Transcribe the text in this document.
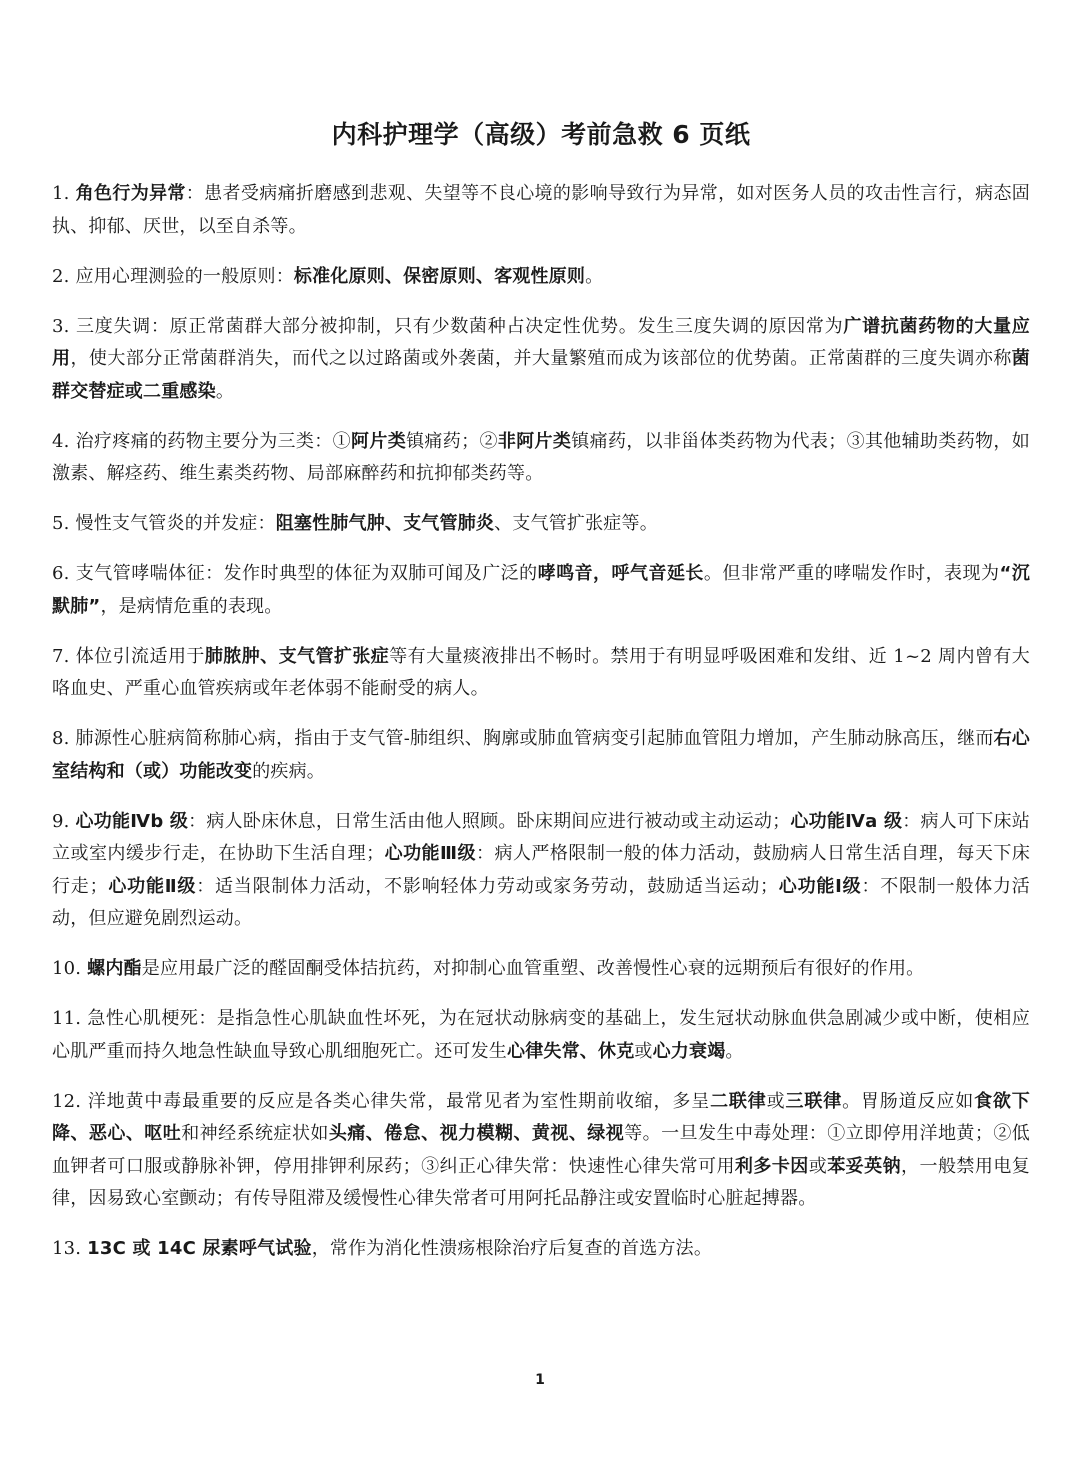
内科护理学（高级）考前急救 6 页纸

1. 角色行为异常：患者受病痛折磨感到悲观、失望等不良心境的影响导致行为异常，如对医务人员的攻击性言行，病态固执、抑郁、厌世，以至自杀等。

2. 应用心理测验的一般原则：标准化原则、保密原则、客观性原则。

3. 三度失调：原正常菌群大部分被抑制，只有少数菌种占决定性优势。发生三度失调的原因常为广谱抗菌药物的大量应用，使大部分正常菌群消失，而代之以过路菌或外袭菌，并大量繁殖而成为该部位的优势菌。正常菌群的三度失调亦称菌群交替症或二重感染。

4. 治疗疼痛的药物主要分为三类：①阿片类镇痛药；②非阿片类镇痛药，以非甾体类药物为代表；③其他辅助类药物，如激素、解痉药、维生素类药物、局部麻醉药和抗抑郁类药等。

5. 慢性支气管炎的并发症：阻塞性肺气肿、支气管肺炎、支气管扩张症等。

6. 支气管哮喘体征：发作时典型的体征为双肺可闻及广泛的哮鸣音，呼气音延长。但非常严重的哮喘发作时，表现为“沉默肺”，是病情危重的表现。

7. 体位引流适用于肺脓肿、支气管扩张症等有大量痰液排出不畅时。禁用于有明显呼吸困难和发绀、近 1~2 周内曾有大咯血史、严重心血管疾病或年老体弱不能耐受的病人。

8. 肺源性心脏病简称肺心病，指由于支气管-肺组织、胸廓或肺血管病变引起肺血管阻力增加，产生肺动脉高压，继而右心室结构和（或）功能改变的疾病。

9. 心功能Ⅳb 级：病人卧床休息，日常生活由他人照顾。卧床期间应进行被动或主动运动；心功能Ⅳa 级：病人可下床站立或室内缓步行走，在协助下生活自理；心功能Ⅲ级：病人严格限制一般的体力活动，鼓励病人日常生活自理，每天下床行走；心功能Ⅱ级：适当限制体力活动，不影响轻体力劳动或家务劳动，鼓励适当运动；心功能Ⅰ级：不限制一般体力活动，但应避免剧烈运动。

10. 螺内酯是应用最广泛的醛固酮受体拮抗药，对抑制心血管重塑、改善慢性心衰的远期预后有很好的作用。

11. 急性心肌梗死：是指急性心肌缺血性坏死，为在冠状动脉病变的基础上，发生冠状动脉血供急剧减少或中断，使相应心肌严重而持久地急性缺血导致心肌细胞死亡。还可发生心律失常、休克或心力衰竭。

12. 洋地黄中毒最重要的反应是各类心律失常，最常见者为室性期前收缩，多呈二联律或三联律。胃肠道反应如食欲下降、恶心、呕吐和神经系统症状如头痛、倦怠、视力模糊、黄视、绿视等。一旦发生中毒处理：①立即停用洋地黄；②低血钾者可口服或静脉补钾，停用排钾利尿药；③纠正心律失常：快速性心律失常可用利多卡因或苯妥英钠，一般禁用电复律，因易致心室颤动；有传导阻滞及缓慢性心律失常者可用阿托品静注或安置临时心脏起搏器。

13. 13C 或 14C 尿素呼气试验，常作为消化性溃疡根除治疗后复查的首选方法。

1
